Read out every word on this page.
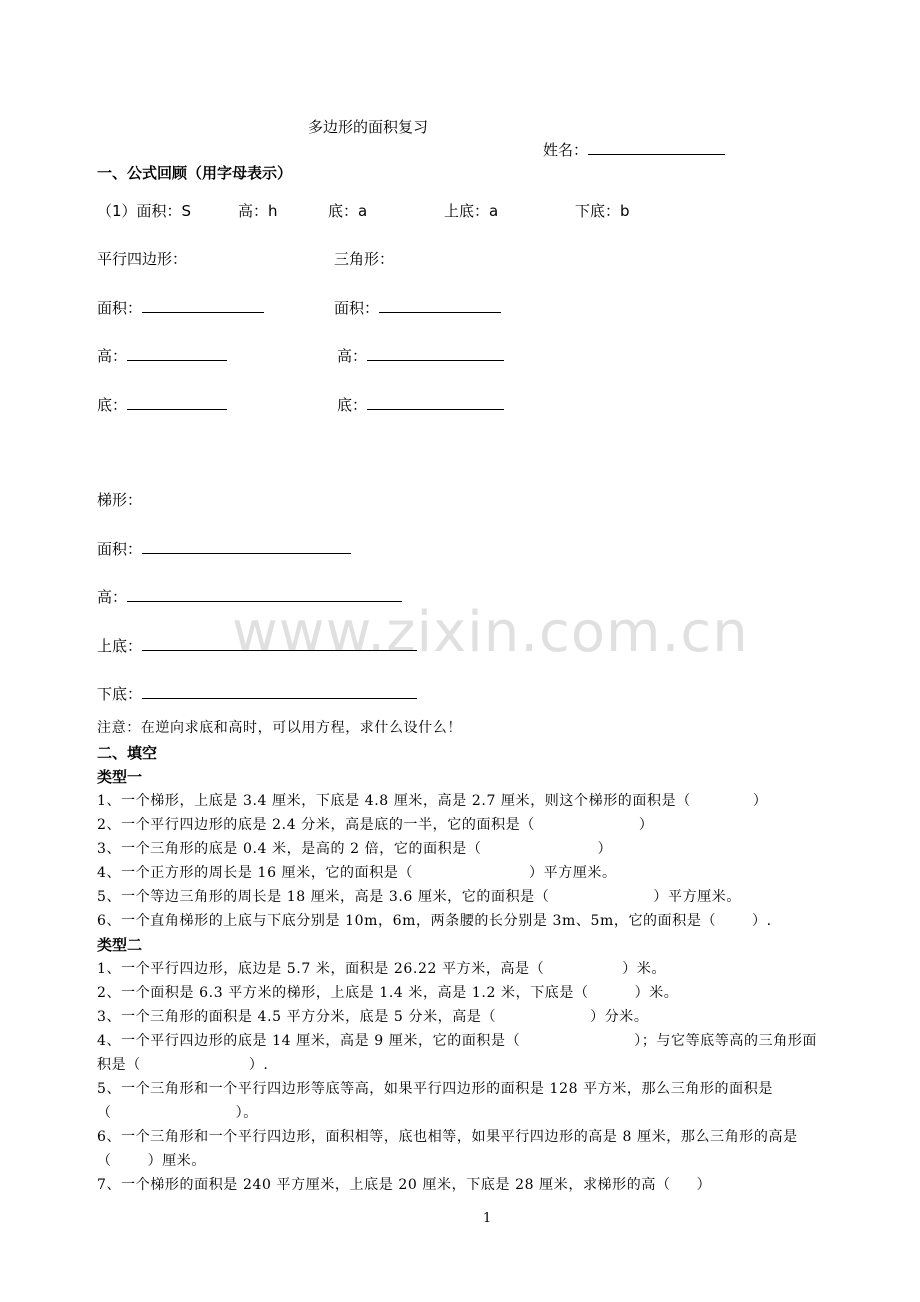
多边形的面积复习
姓名：
一、公式回顾（用字母表示）
（1）面积：S	高：h	底：a	上底：a	下底：b
平行四边形：	三角形：
面积：	面积：
高：	高：
底：	底：
梯形：
面积：
高：
上底：
下底：
注意：在逆向求底和高时，可以用方程，求什么设什么！
二、填空
类型一
1、一个梯形，上底是 3.4 厘米，下底是 4.8 厘米，高是 2.7 厘米，则这个梯形的面积是（	）
2、一个平行四边形的底是 2.4 分米，高是底的一半，它的面积是（	）
3、一个三角形的底是 0.4 米，是高的 2 倍，它的面积是（	）
4、一个正方形的周长是 16 厘米，它的面积是（	）平方厘米。
5、一个等边三角形的周长是 18 厘米，高是 3.6 厘米，它的面积是（	）平方厘米。
6、一个直角梯形的上底与下底分别是 10m，6m，两条腰的长分别是 3m、5m，它的面积是（	）.
类型二
1、一个平行四边形，底边是 5.7 米，面积是 26.22 平方米，高是（	）米。
2、一个面积是 6.3 平方米的梯形，上底是 1.4 米，高是 1.2 米，下底是（	）米。
3、一个三角形的面积是 4.5 平方分米，底是 5 分米，高是（	）分米。
4、一个平行四边形的底是 14 厘米，高是 9 厘米，它的面积是（	）；与它等底等高的三角形面
积是（	）.
5、一个三角形和一个平行四边形等底等高，如果平行四边形的面积是 128 平方米，那么三角形的面积是
（	）。
6、一个三角形和一个平行四边形，面积相等，底也相等，如果平行四边形的高是 8 厘米，那么三角形的高是
（	）厘米。
7、一个梯形的面积是 240 平方厘米，上底是 20 厘米，下底是 28 厘米，求梯形的高（ ）
www.zixin.com.cn
1
